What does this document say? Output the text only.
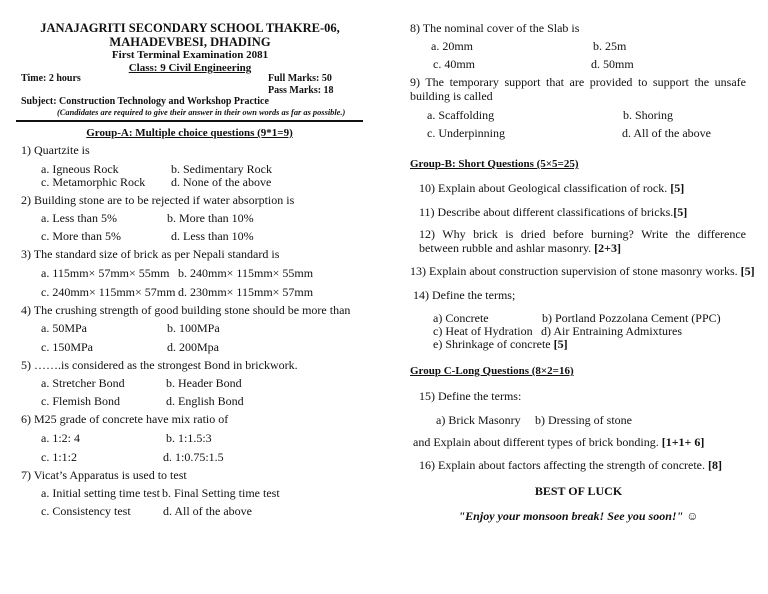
JANAJAGRITI SECONDARY SCHOOL THAKRE-06,
MAHADEVBESI, DHADING
First Terminal Examination 2081
Class: 9 Civil Engineering
Time: 2 hours	Full Marks: 50
Pass Marks: 18
Subject: Construction Technology and Workshop Practice
(Candidates are required to give their answer in their own words as far as possible.)
Group-A: Multiple choice questions (9*1=9)
1) Quartzite is
a. Igneous Rock	b. Sedimentary Rock
c. Metamorphic Rock d. None of the above
2) Building stone are to be rejected if water absorption is
a. Less than 5%	b. More than 10%
c. More than 5%	d. Less than 10%
3) The standard size of brick as per Nepali standard is
a. 115mm× 57mm× 55mm b. 240mm× 115mm× 55mm
c. 240mm× 115mm× 57mm d. 230mm× 115mm× 57mm
4) The crushing strength of good building stone should be more than
a. 50MPa	b. 100MPa
c. 150MPa	d. 200Mpa
5) …….is considered as the strongest Bond in brickwork.
a. Stretcher Bond	b. Header Bond
c. Flemish Bond	d. English Bond
6) M25 grade of concrete have mix ratio of
a. 1:2: 4	b. 1:1.5:3
c. 1:1:2	d. 1:0.75:1.5
7) Vicat’s Apparatus is used to test
a. Initial setting time test b. Final Setting time test
c. Consistency test	d. All of the above
8) The nominal cover of the Slab is
a. 20mm	b. 25m
c. 40mm	d. 50mm
9) The temporary support that are provided to support the unsafe building is called
a. Scaffolding	b. Shoring
c. Underpinning	d. All of the above
Group-B: Short Questions (5×5=25)
10) Explain about Geological classification of rock. [5]
11) Describe about different classifications of bricks.[5]
12) Why brick is dried before burning? Write the difference between rubble and ashlar masonry. [2+3]
13) Explain about construction supervision of stone masonry works. [5]
14) Define the terms;
a) Concrete	b) Portland Pozzolana Cement (PPC)
c) Heat of Hydration d) Air Entraining Admixtures
e) Shrinkage of concrete [5]
Group C-Long Questions (8×2=16)
15) Define the terms:
a) Brick Masonry b) Dressing of stone
and Explain about different types of brick bonding. [1+1+ 6]
16) Explain about factors affecting the strength of concrete. [8]
BEST OF LUCK
"Enjoy your monsoon break! See you soon!" ☺
